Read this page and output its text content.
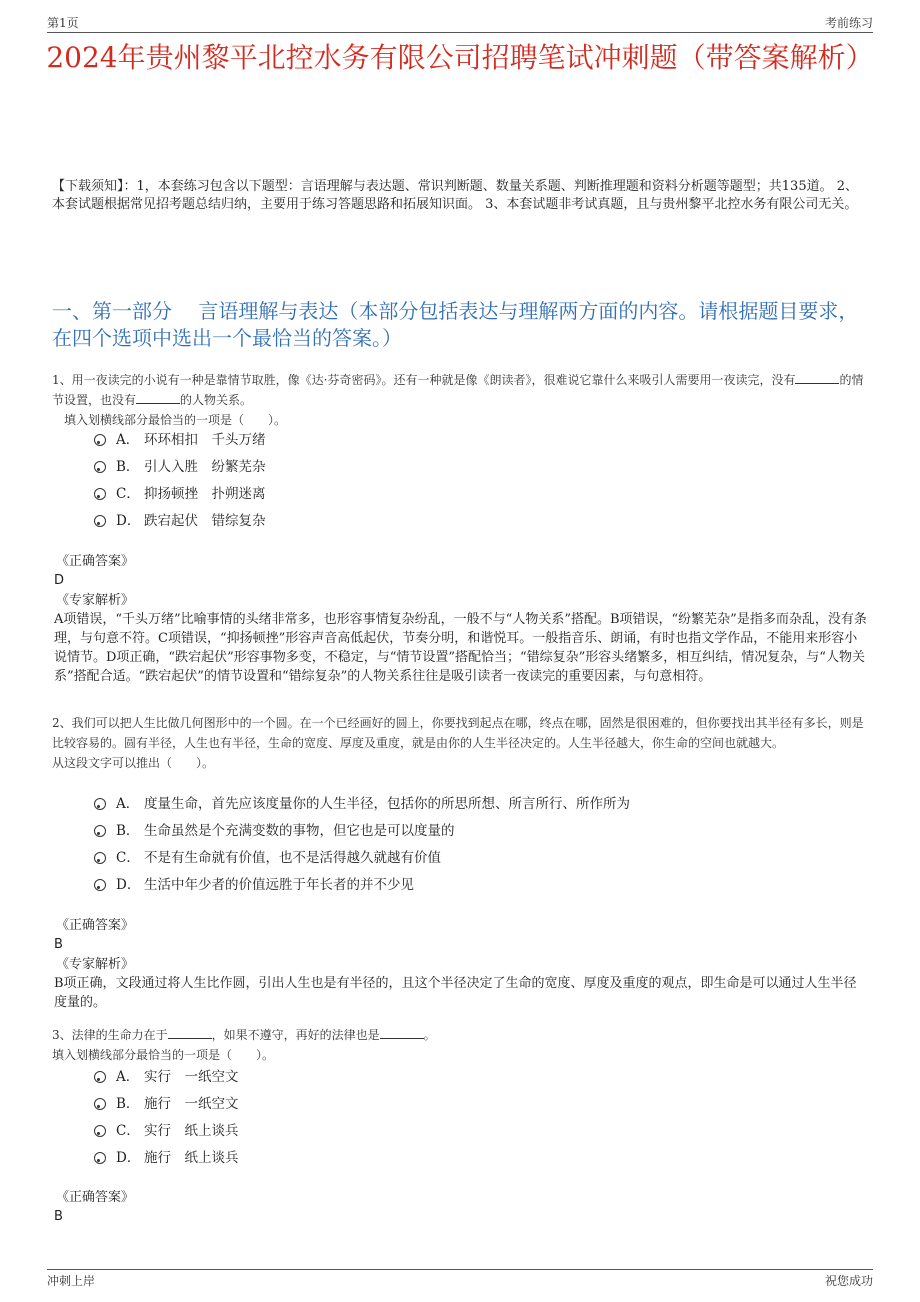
第1页	考前练习
2024年贵州黎平北控水务有限公司招聘笔试冲刺题（带答案解析）
【下载须知】：1，本套练习包含以下题型：言语理解与表达题、常识判断题、数量关系题、判断推理题和资料分析题等题型；共135道。 2、本套试题根据常见招考题总结归纳，主要用于练习答题思路和拓展知识面。 3、本套试题非考试真题，且与贵州黎平北控水务有限公司无关。
一、第一部分　 言语理解与表达（本部分包括表达与理解两方面的内容。请根据题目要求，在四个选项中选出一个最恰当的答案。）

1、用一夜读完的小说有一种是靠情节取胜，像《达·芬奇密码》。还有一种就是像《朗读者》，很难说它靠什么来吸引人需要用一夜读完，没有	的情节设置，也没有	的人物关系。

填入划横线部分最恰当的一项是（　　）。

A． 环环相扣　千头万绪
B． 引人入胜　纷繁芜杂
C． 抑扬顿挫　扑朔迷离
D． 跌宕起伏　错综复杂
《正确答案》
D
《专家解析》
A项错误，“千头万绪”比喻事情的头绪非常多，也形容事情复杂纷乱，一般不与“人物关系”搭配。B项错误，“纷繁芜杂”是指多而杂乱，没有条理，与句意不符。C项错误，“抑扬顿挫”形容声音高低起伏，节奏分明，和谐悦耳。一般指音乐、朗诵，有时也指文学作品，不能用来形容小说情节。D项正确，“跌宕起伏”形容事物多变，不稳定，与“情节设置”搭配恰当；“错综复杂”形容头绪繁多，相互纠结，情况复杂，与“人物关系”搭配合适。“跌宕起伏”的情节设置和“错综复杂”的人物关系往往是吸引读者一夜读完的重要因素，与句意相符。

2、我们可以把人生比做几何图形中的一个圆。在一个已经画好的圆上，你要找到起点在哪，终点在哪，固然是很困难的，但你要找出其半径有多长，则是比较容易的。圆有半径，人生也有半径，生命的宽度、厚度及重度，就是由你的人生半径决定的。人生半径越大，你生命的空间也就越大。

从这段文字可以推出（　　）。

A． 度量生命，首先应该度量你的人生半径，包括你的所思所想、所言所行、所作所为
B． 生命虽然是个充满变数的事物，但它也是可以度量的
C． 不是有生命就有价值，也不是活得越久就越有价值
D． 生活中年少者的价值远胜于年长者的并不少见
《正确答案》
B
《专家解析》
B项正确，文段通过将人生比作圆，引出人生也是有半径的，且这个半径决定了生命的宽度、厚度及重度的观点，即生命是可以通过人生半径度量的。

3、法律的生命力在于	，如果不遵守，再好的法律也是	。

填入划横线部分最恰当的一项是（　　）。

A． 实行　一纸空文
B． 施行　一纸空文
C． 实行　纸上谈兵
D． 施行　纸上谈兵
《正确答案》
B
冲刺上岸	祝您成功
